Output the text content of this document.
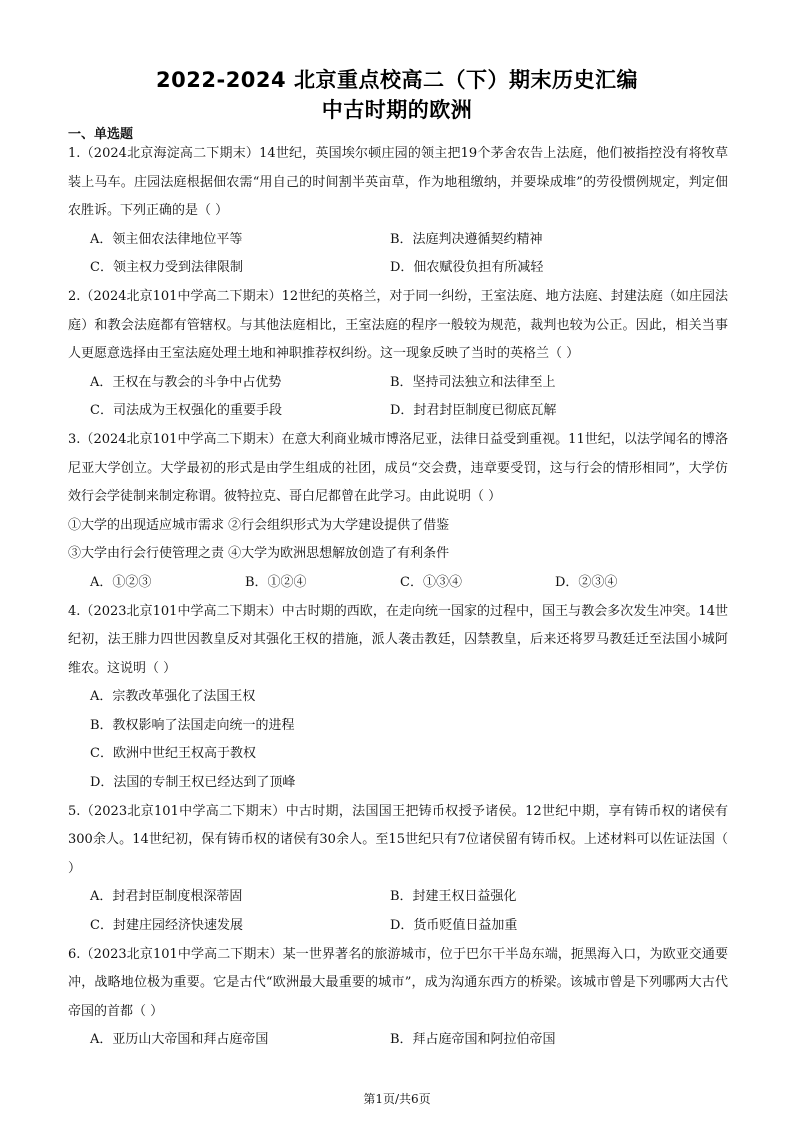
2022-2024 北京重点校高二（下）期末历史汇编
中古时期的欧洲
一、单选题

1.（2024北京海淀高二下期末）14世纪，英国埃尔顿庄园的领主把19个茅舍农告上法庭，他们被指控没有将牧草装上马车。庄园法庭根据佃农需“用自己的时间割半英亩草，作为地租缴纳，并要垛成堆”的劳役惯例规定，判定佃农胜诉。下列正确的是（ ）

A．领主佃农法律地位平等	B．法庭判决遵循契约精神
C．领主权力受到法律限制	D．佃农赋役负担有所减轻

2.（2024北京101中学高二下期末）12世纪的英格兰，对于同一纠纷，王室法庭、地方法庭、封建法庭（如庄园法庭）和教会法庭都有管辖权。与其他法庭相比，王室法庭的程序一般较为规范，裁判也较为公正。因此，相关当事人更愿意选择由王室法庭处理土地和神职推荐权纠纷。这一现象反映了当时的英格兰（ ）

A．王权在与教会的斗争中占优势	B．坚持司法独立和法律至上
C．司法成为王权强化的重要手段	D．封君封臣制度已彻底瓦解

3.（2024北京101中学高二下期末）在意大利商业城市博洛尼亚，法律日益受到重视。11世纪，以法学闻名的博洛尼亚大学创立。大学最初的形式是由学生组成的社团，成员“交会费，违章要受罚，这与行会的情形相同”，大学仿效行会学徒制来制定称谓。彼特拉克、哥白尼都曾在此学习。由此说明（ ）

①大学的出现适应城市需求 ②行会组织形式为大学建设提供了借鉴

③大学由行会行使管理之责 ④大学为欧洲思想解放创造了有利条件

A．①②③	B．①②④	C．①③④	D．②③④

4.（2023北京101中学高二下期末）中古时期的西欧，在走向统一国家的过程中，国王与教会多次发生冲突。14世纪初，法王腓力四世因教皇反对其强化王权的措施，派人袭击教廷，囚禁教皇，后来还将罗马教廷迁至法国小城阿维农。这说明（ ）

A．宗教改革强化了法国王权
B．教权影响了法国走向统一的进程
C．欧洲中世纪王权高于教权
D．法国的专制王权已经达到了顶峰

5.（2023北京101中学高二下期末）中古时期，法国国王把铸币权授予诸侯。12世纪中期，享有铸币权的诸侯有300余人。14世纪初，保有铸币权的诸侯有30余人。至15世纪只有7位诸侯留有铸币权。上述材料可以佐证法国（ ）

A．封君封臣制度根深蒂固	B．封建王权日益强化
C．封建庄园经济快速发展	D．货币贬值日益加重

6.（2023北京101中学高二下期末）某一世界著名的旅游城市，位于巴尔干半岛东端，扼黑海入口，为欧亚交通要冲，战略地位极为重要。它是古代“欧洲最大最重要的城市”，成为沟通东西方的桥梁。该城市曾是下列哪两大古代帝国的首都（ ）

A．亚历山大帝国和拜占庭帝国	B．拜占庭帝国和阿拉伯帝国
第1页/共6页
